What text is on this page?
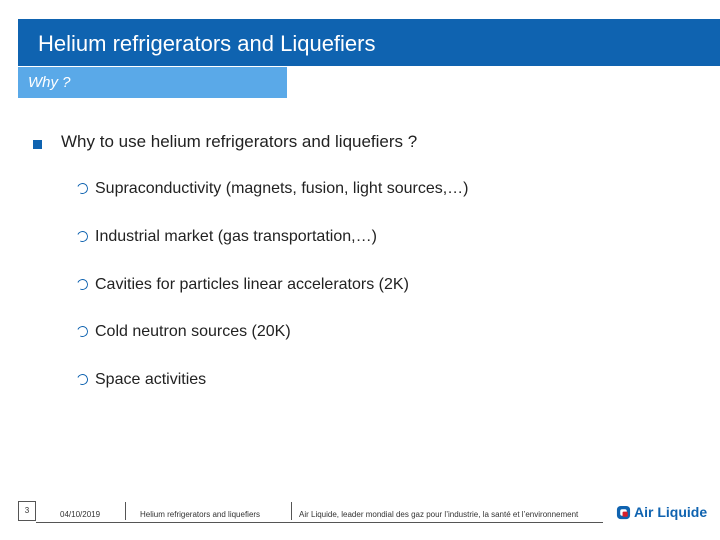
Helium refrigerators and Liquefiers
Why ?
Why to use helium refrigerators and liquefiers ?
Supraconductivity (magnets, fusion, light sources,…)
Industrial market (gas transportation,…)
Cavities for particles linear accelerators (2K)
Cold neutron sources (20K)
Space activities
3	04/10/2019	Helium refrigerators and liquefiers	Air Liquide, leader mondial des gaz pour l’industrie, la santé et l’environnement	Air Liquide
